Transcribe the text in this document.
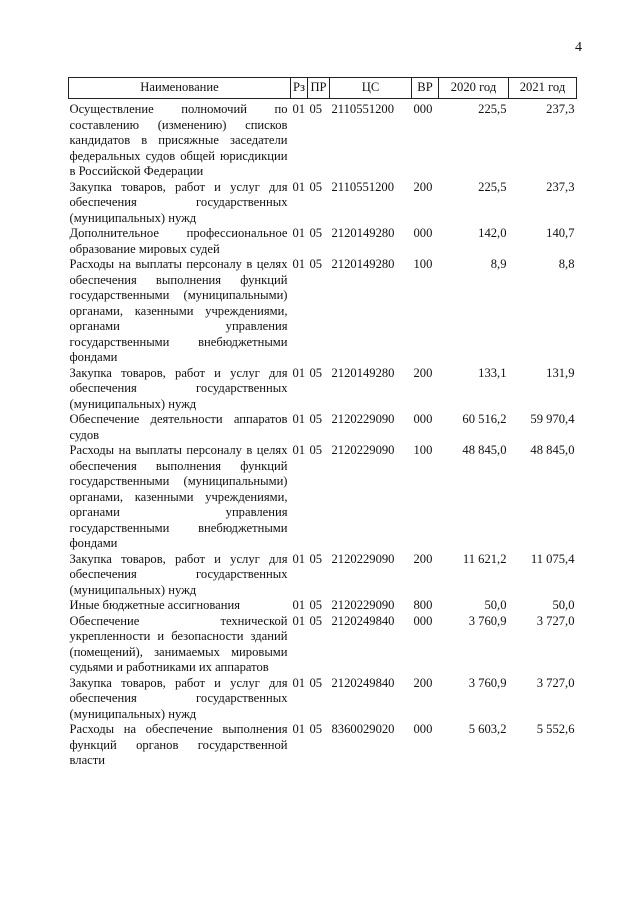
4
Наименование	Рз	ПР	ЦС	ВР	2020 год	2021 год

Осуществление полномочий по составлению (изменению) списков кандидатов в присяжные заседатели федеральных судов общей юрисдикции в Российской Федерации	01	05	2110551200	000	225,5	237,3
Закупка товаров, работ и услуг для обеспечения государственных (муниципальных) нужд	01	05	2110551200	200	225,5	237,3
Дополнительное профессиональное образование мировых судей	01	05	2120149280	000	142,0	140,7
Расходы на выплаты персоналу в целях обеспечения выполнения функций государственными (муниципальными) органами, казенными учреждениями, органами управления государственными внебюджетными фондами	01	05	2120149280	100	8,9	8,8
Закупка товаров, работ и услуг для обеспечения государственных (муниципальных) нужд	01	05	2120149280	200	133,1	131,9
Обеспечение деятельности аппаратов судов	01	05	2120229090	000	60 516,2	59 970,4
Расходы на выплаты персоналу в целях обеспечения выполнения функций государственными (муниципальными) органами, казенными учреждениями, органами управления государственными внебюджетными фондами	01	05	2120229090	100	48 845,0	48 845,0
Закупка товаров, работ и услуг для обеспечения государственных (муниципальных) нужд	01	05	2120229090	200	11 621,2	11 075,4
Иные бюджетные ассигнования	01	05	2120229090	800	50,0	50,0
Обеспечение технической укрепленности и безопасности зданий (помещений), занимаемых мировыми судьями и работниками их аппаратов	01	05	2120249840	000	3 760,9	3 727,0
Закупка товаров, работ и услуг для обеспечения государственных (муниципальных) нужд	01	05	2120249840	200	3 760,9	3 727,0
Расходы на обеспечение выполнения функций органов государственной власти	01	05	8360029020	000	5 603,2	5 552,6
